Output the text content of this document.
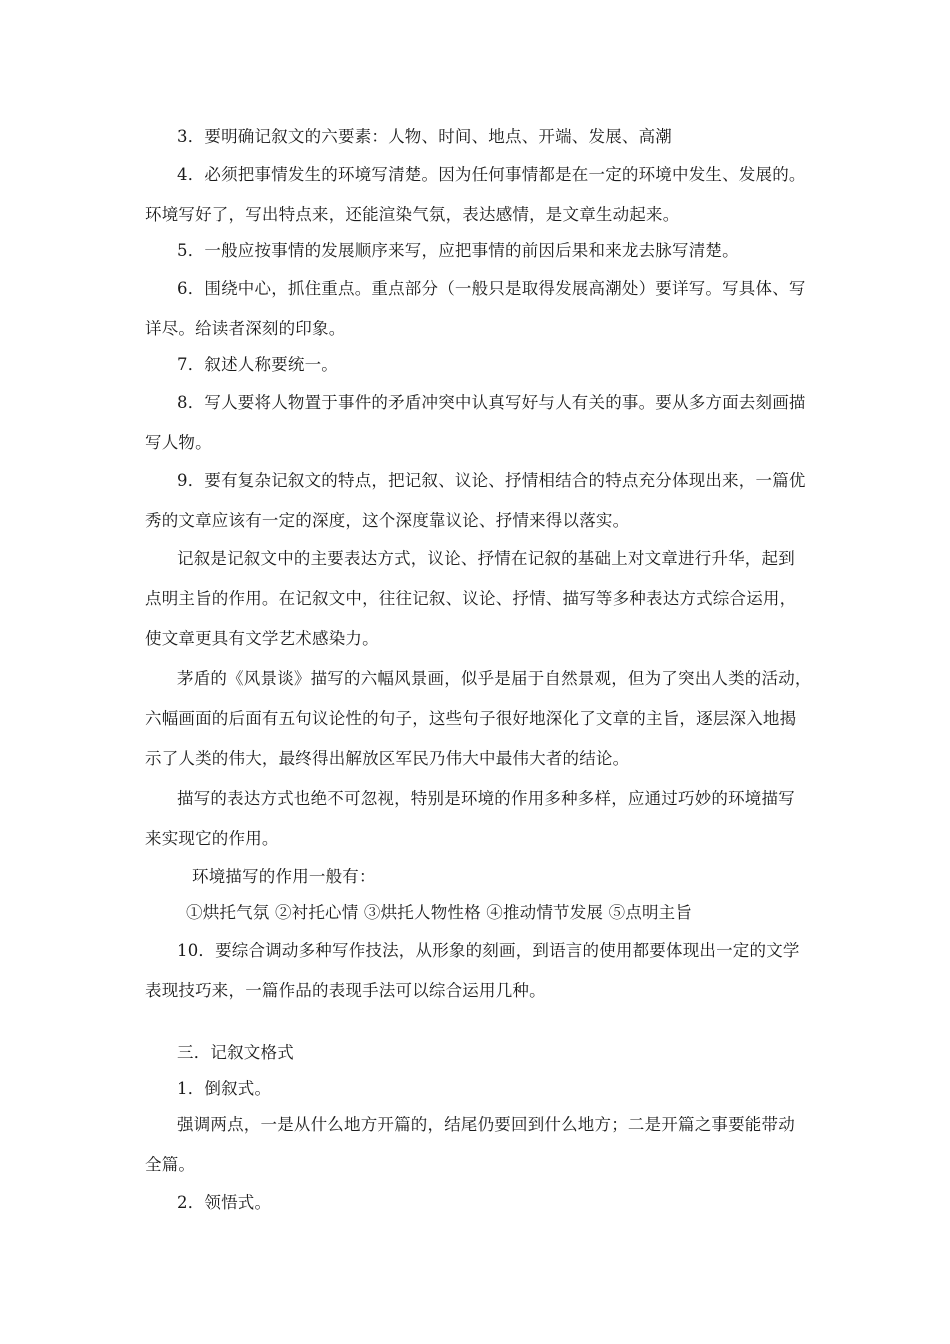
3．要明确记叙文的六要素：人物、时间、地点、开端、发展、高潮
4．必须把事情发生的环境写清楚。因为任何事情都是在一定的环境中发生、发展的。
环境写好了，写出特点来，还能渲染气氛，表达感情，是文章生动起来。
5．一般应按事情的发展顺序来写，应把事情的前因后果和来龙去脉写清楚。
6．围绕中心，抓住重点。重点部分（一般只是取得发展高潮处）要详写。写具体、写
详尽。给读者深刻的印象。
7．叙述人称要统一。
8．写人要将人物置于事件的矛盾冲突中认真写好与人有关的事。要从多方面去刻画描
写人物。
9．要有复杂记叙文的特点，把记叙、议论、抒情相结合的特点充分体现出来，一篇优
秀的文章应该有一定的深度，这个深度靠议论、抒情来得以落实。
记叙是记叙文中的主要表达方式，议论、抒情在记叙的基础上对文章进行升华，起到
点明主旨的作用。在记叙文中，往往记叙、议论、抒情、描写等多种表达方式综合运用，
使文章更具有文学艺术感染力。
茅盾的《风景谈》描写的六幅风景画，似乎是届于自然景观，但为了突出人类的活动，
六幅画面的后面有五句议论性的句子，这些句子很好地深化了文章的主旨，逐层深入地揭
示了人类的伟大，最终得出解放区军民乃伟大中最伟大者的结论。
描写的表达方式也绝不可忽视，特别是环境的作用多种多样，应通过巧妙的环境描写
来实现它的作用。
环境描写的作用一般有：
①烘托气氛 ②衬托心情 ③烘托人物性格 ④推动情节发展 ⑤点明主旨
10．要综合调动多种写作技法，从形象的刻画，到语言的使用都要体现出一定的文学
表现技巧来，一篇作品的表现手法可以综合运用几种。
三．记叙文格式
1．倒叙式。
强调两点，一是从什么地方开篇的，结尾仍要回到什么地方；二是开篇之事要能带动
全篇。
2．领悟式。
